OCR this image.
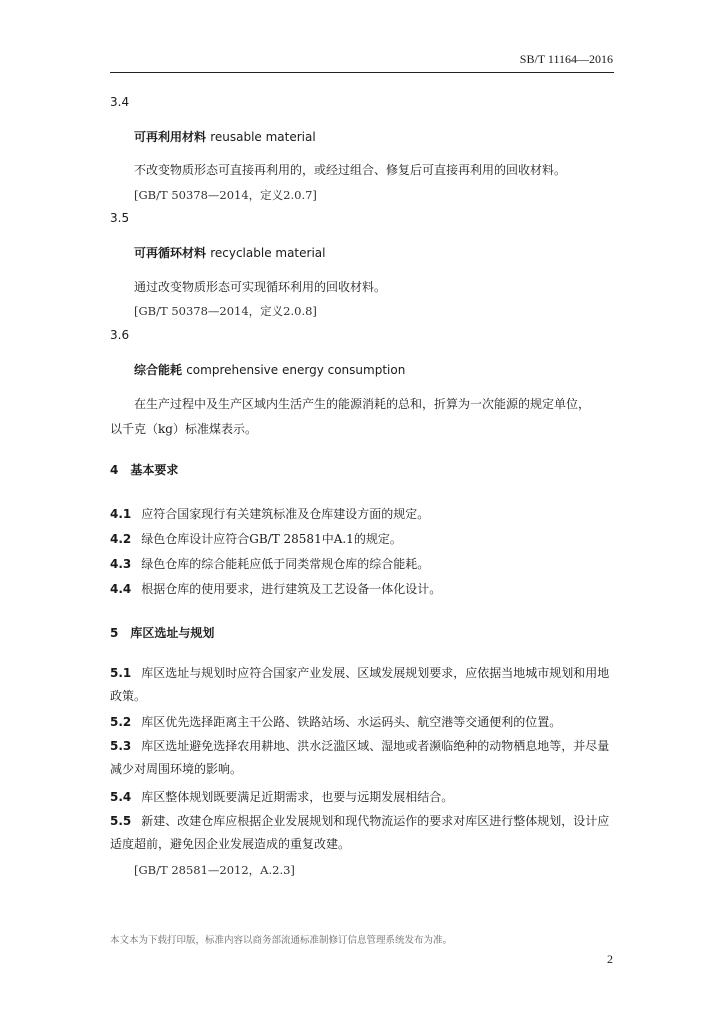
SB/T 11164—2016
3.4
可再利用材料 reusable material
不改变物质形态可直接再利用的，或经过组合、修复后可直接再利用的回收材料。
[GB/T 50378—2014，定义2.0.7]
3.5
可再循环材料 recyclable material
通过改变物质形态可实现循环利用的回收材料。
[GB/T 50378—2014，定义2.0.8]
3.6
综合能耗 comprehensive energy consumption
在生产过程中及生产区域内生活产生的能源消耗的总和，折算为一次能源的规定单位，
以千克（kg）标准煤表示。
4　基本要求
4.1 应符合国家现行有关建筑标准及仓库建设方面的规定。
4.2 绿色仓库设计应符合GB/T 28581中A.1的规定。
4.3 绿色仓库的综合能耗应低于同类常规仓库的综合能耗。
4.4 根据仓库的使用要求，进行建筑及工艺设备一体化设计。
5　库区选址与规划
5.1 库区选址与规划时应符合国家产业发展、区域发展规划要求，应依据当地城市规划和用地政策。
5.2 库区优先选择距离主干公路、铁路站场、水运码头、航空港等交通便利的位置。
5.3 库区选址避免选择农用耕地、洪水泛滥区域、湿地或者濒临绝种的动物栖息地等，并尽量减少对周围环境的影响。
5.4 库区整体规划既要满足近期需求，也要与远期发展相结合。
5.5 新建、改建仓库应根据企业发展规划和现代物流运作的要求对库区进行整体规划，设计应适度超前，避免因企业发展造成的重复改建。
[GB/T 28581—2012，A.2.3]
本文本为下载打印版，标准内容以商务部流通标准制修订信息管理系统发布为准。
2
